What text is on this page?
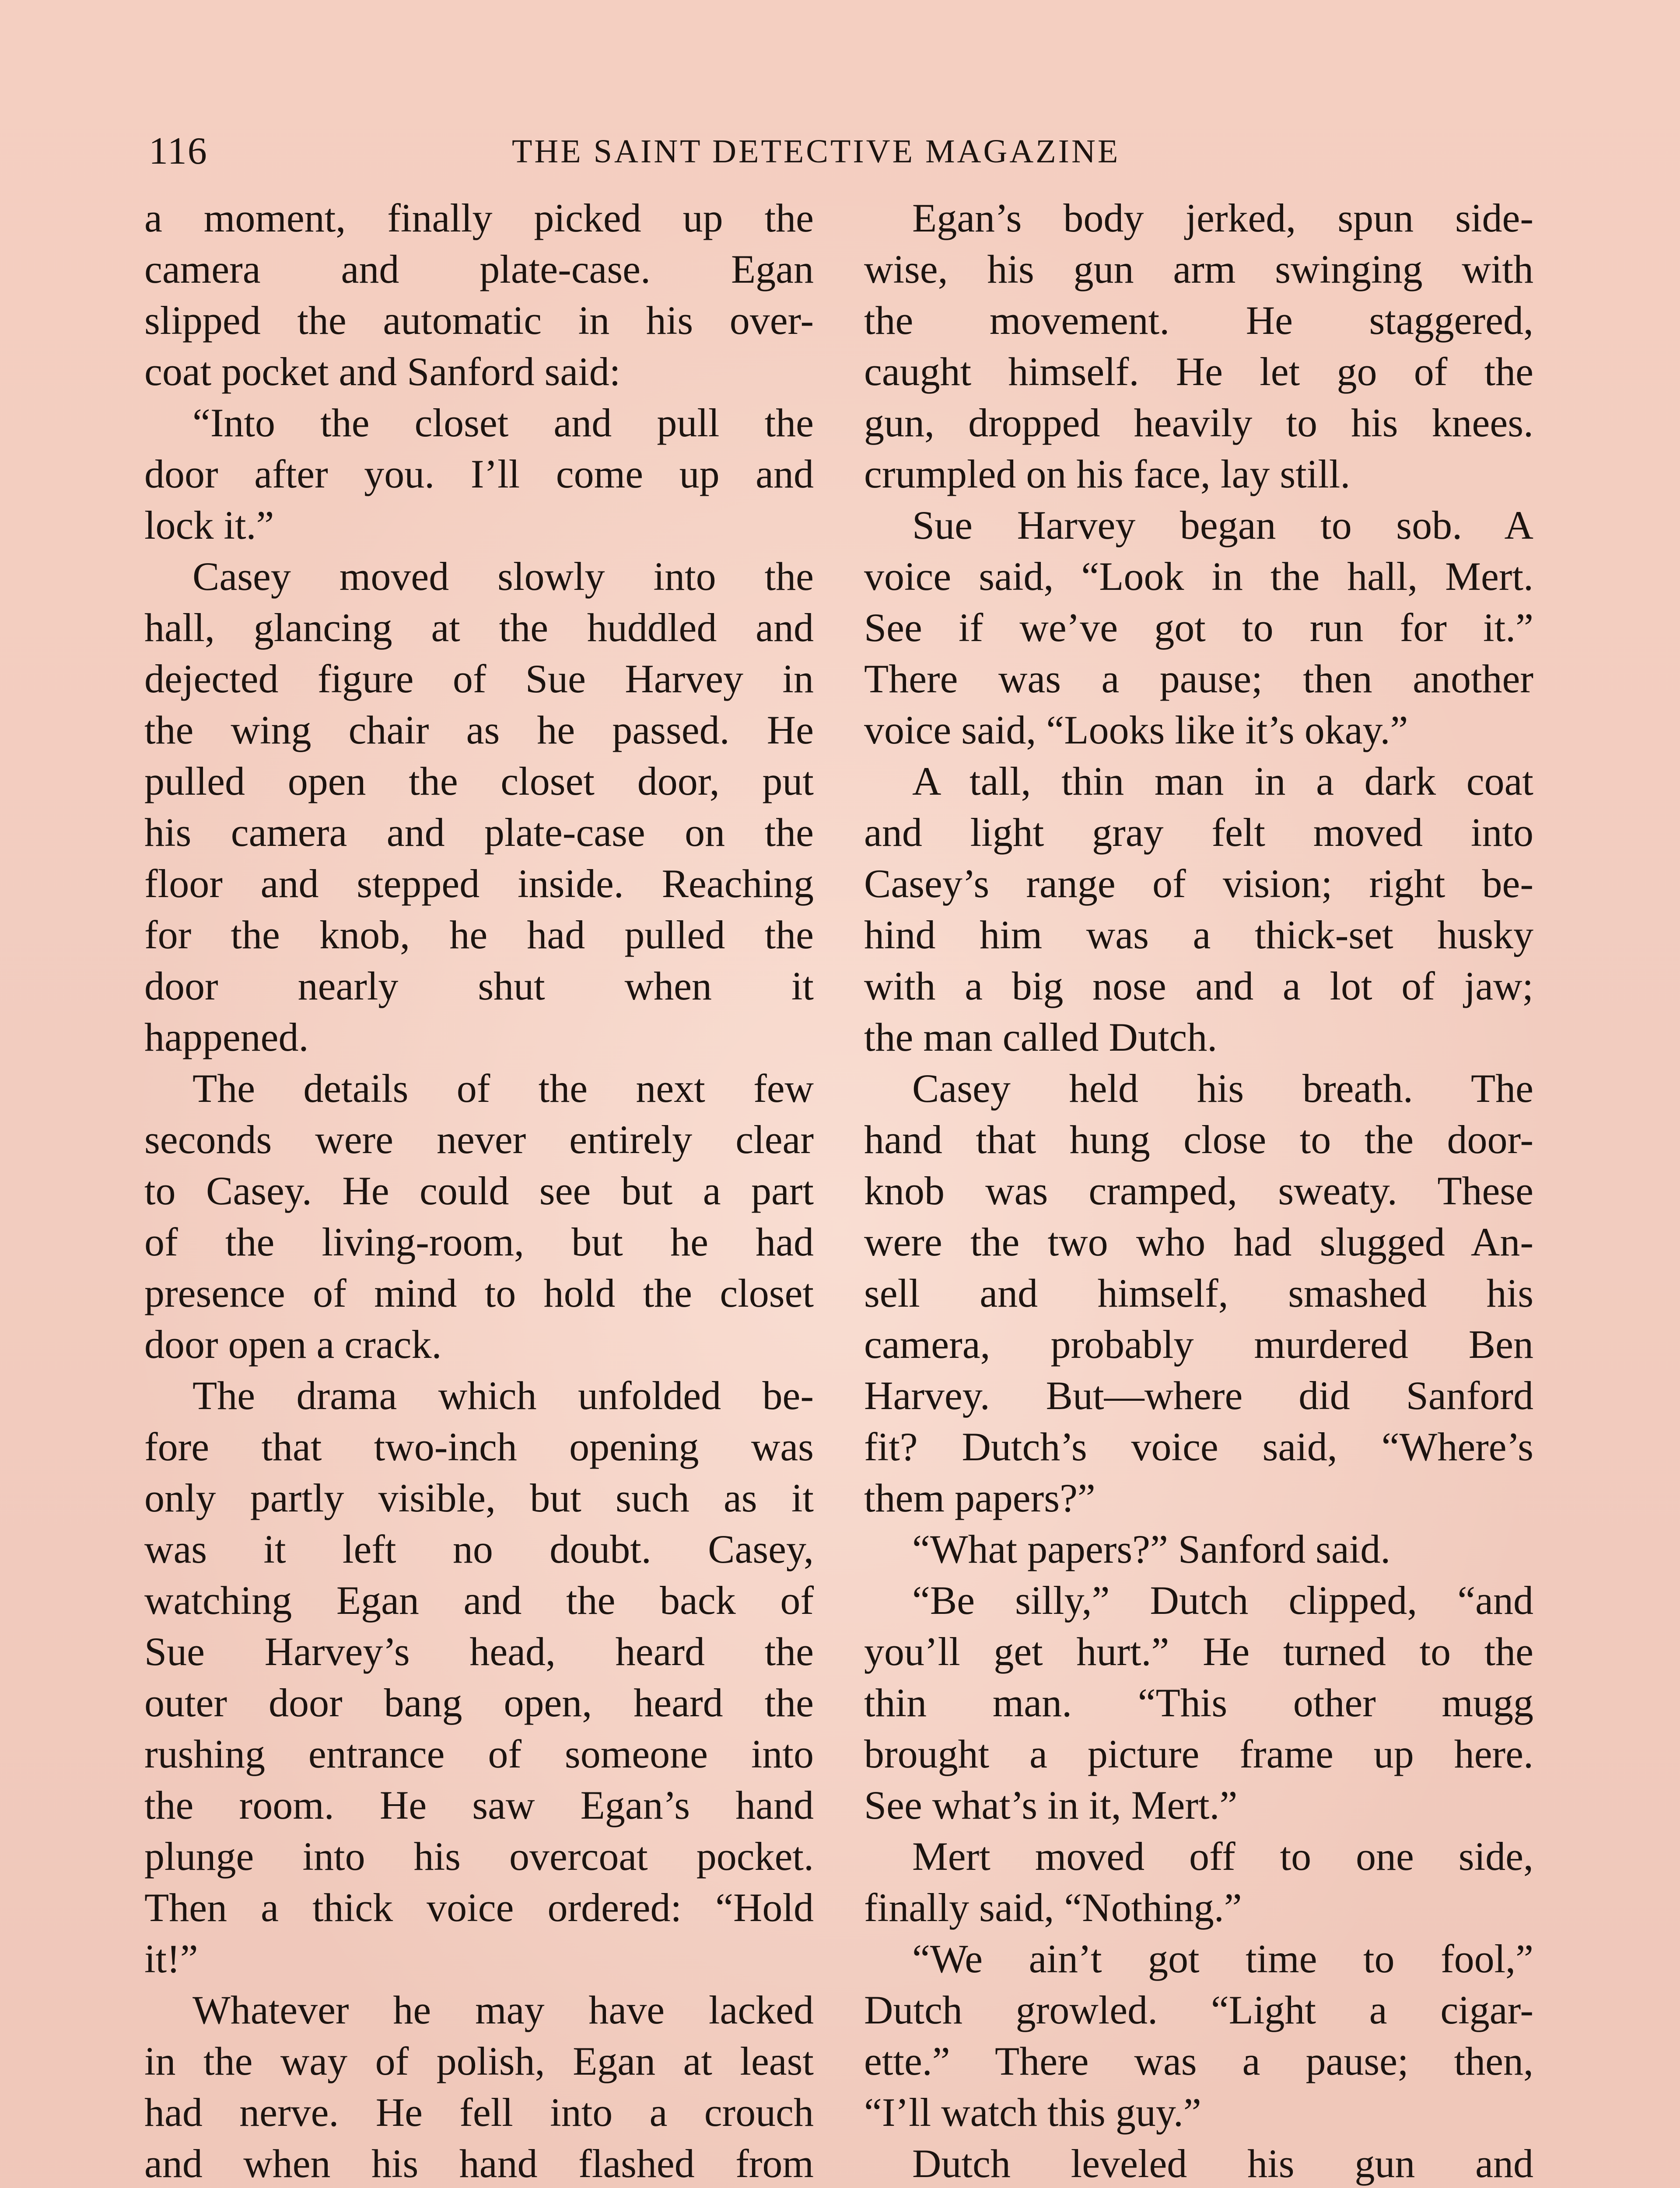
116	THE SAINT DETECTIVE MAGAZINE
a moment, finally picked up the
camera and plate-case. Egan
slipped the automatic in his over-
coat pocket and Sanford said:
“Into the closet and pull the
door after you. I’ll come up and
lock it.”
Casey moved slowly into the
hall, glancing at the huddled and
dejected figure of Sue Harvey in
the wing chair as he passed. He
pulled open the closet door, put
his camera and plate-case on the
floor and stepped inside. Reaching
for the knob, he had pulled the
door nearly shut when it
happened.
The details of the next few
seconds were never entirely clear
to Casey. He could see but a part
of the living-room, but he had
presence of mind to hold the closet
door open a crack.
The drama which unfolded be-
fore that two-inch opening was
only partly visible, but such as it
was it left no doubt. Casey,
watching Egan and the back of
Sue Harvey’s head, heard the
outer door bang open, heard the
rushing entrance of someone into
the room. He saw Egan’s hand
plunge into his overcoat pocket.
Then a thick voice ordered: “Hold
it!”
Whatever he may have lacked
in the way of polish, Egan at least
had nerve. He fell into a crouch
and when his hand flashed from
Egan’s body jerked, spun side-
wise, his gun arm swinging with
the movement. He staggered,
caught himself. He let go of the
gun, dropped heavily to his knees.
crumpled on his face, lay still.
Sue Harvey began to sob. A
voice said, “Look in the hall, Mert.
See if we’ve got to run for it.”
There was a pause; then another
voice said, “Looks like it’s okay.”
A tall, thin man in a dark coat
and light gray felt moved into
Casey’s range of vision; right be-
hind him was a thick-set husky
with a big nose and a lot of jaw;
the man called Dutch.
Casey held his breath. The
hand that hung close to the door-
knob was cramped, sweaty. These
were the two who had slugged An-
sell and himself, smashed his
camera, probably murdered Ben
Harvey. But—where did Sanford
fit? Dutch’s voice said, “Where’s
them papers?”
“What papers?” Sanford said.
“Be silly,” Dutch clipped, “and
you’ll get hurt.” He turned to the
thin man. “This other mugg
brought a picture frame up here.
See what’s in it, Mert.”
Mert moved off to one side,
finally said, “Nothing.”
“We ain’t got time to fool,”
Dutch growled. “Light a cigar-
ette.” There was a pause; then,
“I’ll watch this guy.”
Dutch leveled his gun and
